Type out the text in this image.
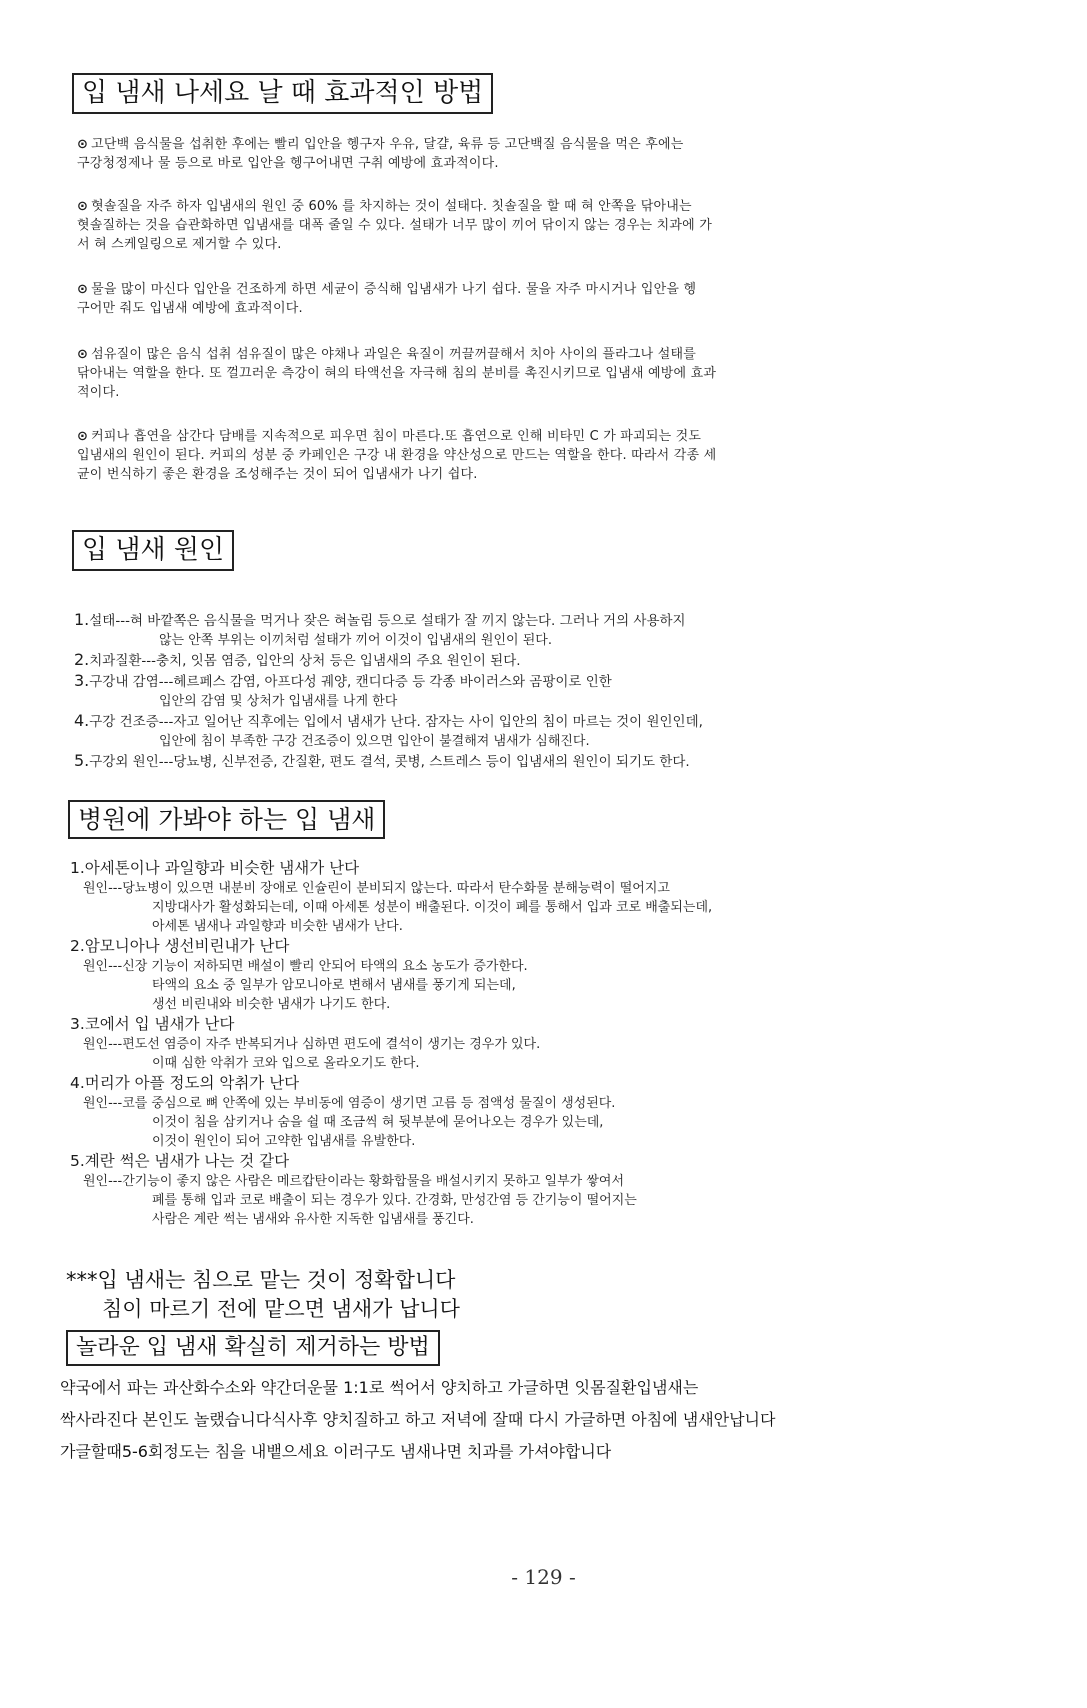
입 냄새 나세요 날 때 효과적인 방법
⊙ 고단백 음식물을 섭취한 후에는 빨리 입안을 헹구자 우유, 달걀, 육류 등 고단백질 음식물을 먹은 후에는
구강청정제나 물 등으로 바로 입안을 헹구어내면 구취 예방에 효과적이다.
⊙ 혓솔질을 자주 하자 입냄새의 원인 중 60% 를 차지하는 것이 설태다. 칫솔질을 할 때 혀 안쪽을 닦아내는
혓솔질하는 것을 습관화하면 입냄새를 대폭 줄일 수 있다. 설태가 너무 많이 끼어 닦이지 않는 경우는 치과에 가
서 혀 스케일링으로 제거할 수 있다.
⊙ 물을 많이 마신다 입안을 건조하게 하면 세균이 증식해 입냄새가 나기 쉽다. 물을 자주 마시거나 입안을 헹
구어만 줘도 입냄새 예방에 효과적이다.
⊙ 섬유질이 많은 음식 섭취 섬유질이 많은 야채나 과일은 육질이 꺼끌꺼끌해서 치아 사이의 플라그나 설태를
닦아내는 역할을 한다. 또 껄끄러운 측강이 혀의 타액선을 자극해 침의 분비를 촉진시키므로 입냄새 예방에 효과
적이다.
⊙ 커피나 흡연을 삼간다 담배를 지속적으로 피우면 침이 마른다.또 흡연으로 인해 비타민 C 가 파괴되는 것도
입냄새의 원인이 된다. 커피의 성분 중 카페인은 구강 내 환경을 약산성으로 만드는 역할을 한다. 따라서 각종 세
균이 번식하기 좋은 환경을 조성해주는 것이 되어 입냄새가 나기 쉽다.
입 냄새 원인
1.설태---혀 바깥쪽은 음식물을 먹거나 잦은 혀놀림 등으로 설태가 잘 끼지 않는다. 그러나 거의 사용하지
않는 안쪽 부위는 이끼처럼 설태가 끼어 이것이 입냄새의 원인이 된다.
2.치과질환---충치, 잇몸 염증, 입안의 상처 등은 입냄새의 주요 원인이 된다.
3.구강내 감염---헤르페스 감염, 아프다성 궤양, 캔디다증 등 각종 바이러스와 곰팡이로 인한
입안의 감염 및 상처가 입냄새를 나게 한다
4.구강 건조증---자고 일어난 직후에는 입에서 냄새가 난다. 잠자는 사이 입안의 침이 마르는 것이 원인인데,
입안에 침이 부족한 구강 건조증이 있으면 입안이 불결해져 냄새가 심해진다.
5.구강외 원인---당뇨병, 신부전증, 간질환, 편도 결석, 콧병, 스트레스 등이 입냄새의 원인이 되기도 한다.
병원에 가봐야 하는 입 냄새
1.아세톤이나 과일향과 비슷한 냄새가 난다
원인---당뇨병이 있으면 내분비 장애로 인슐린이 분비되지 않는다. 따라서 탄수화물 분해능력이 떨어지고
지방대사가 활성화되는데, 이때 아세톤 성분이 배출된다. 이것이 폐를 통해서 입과 코로 배출되는데,
아세톤 냄새나 과일향과 비슷한 냄새가 난다.
2.암모니아나 생선비린내가 난다
원인---신장 기능이 저하되면 배설이 빨리 안되어 타액의 요소 농도가 증가한다.
타액의 요소 중 일부가 암모니아로 변해서 냄새를 풍기게 되는데,
생선 비린내와 비슷한 냄새가 나기도 한다.
3.코에서 입 냄새가 난다
원인---편도선 염증이 자주 반복되거나 심하면 편도에 결석이 생기는 경우가 있다.
이때 심한 악취가 코와 입으로 올라오기도 한다.
4.머리가 아플 정도의 악취가 난다
원인---코를 중심으로 뼈 안쪽에 있는 부비동에 염증이 생기면 고름 등 점액성 물질이 생성된다.
이것이 침을 삼키거나 숨을 쉴 때 조금씩 혀 뒷부분에 묻어나오는 경우가 있는데,
이것이 원인이 되어 고약한 입냄새를 유발한다.
5.계란 썩은 냄새가 나는 것 같다
원인---간기능이 좋지 않은 사람은 메르캅탄이라는 황화합물을 배설시키지 못하고 일부가 쌓여서
폐를 통해 입과 코로 배출이 되는 경우가 있다. 간경화, 만성간염 등 간기능이 떨어지는
사람은 계란 썩는 냄새와 유사한 지독한 입냄새를 풍긴다.
***입 냄새는 침으로 맡는 것이 정확합니다
침이 마르기 전에 맡으면 냄새가 납니다
놀라운 입 냄새 확실히 제거하는 방법
약국에서 파는 과산화수소와 약간더운물 1:1로 썩어서 양치하고 가글하면 잇몸질환입냄새는
싹사라진다 본인도 놀랬습니다식사후 양치질하고 하고 저녁에 잘때 다시 가글하면 아침에 냄새안납니다
가글할때5-6회정도는 침을 내뱉으세요 이러구도 냄새나면 치과를 가셔야합니다
- 129 -
